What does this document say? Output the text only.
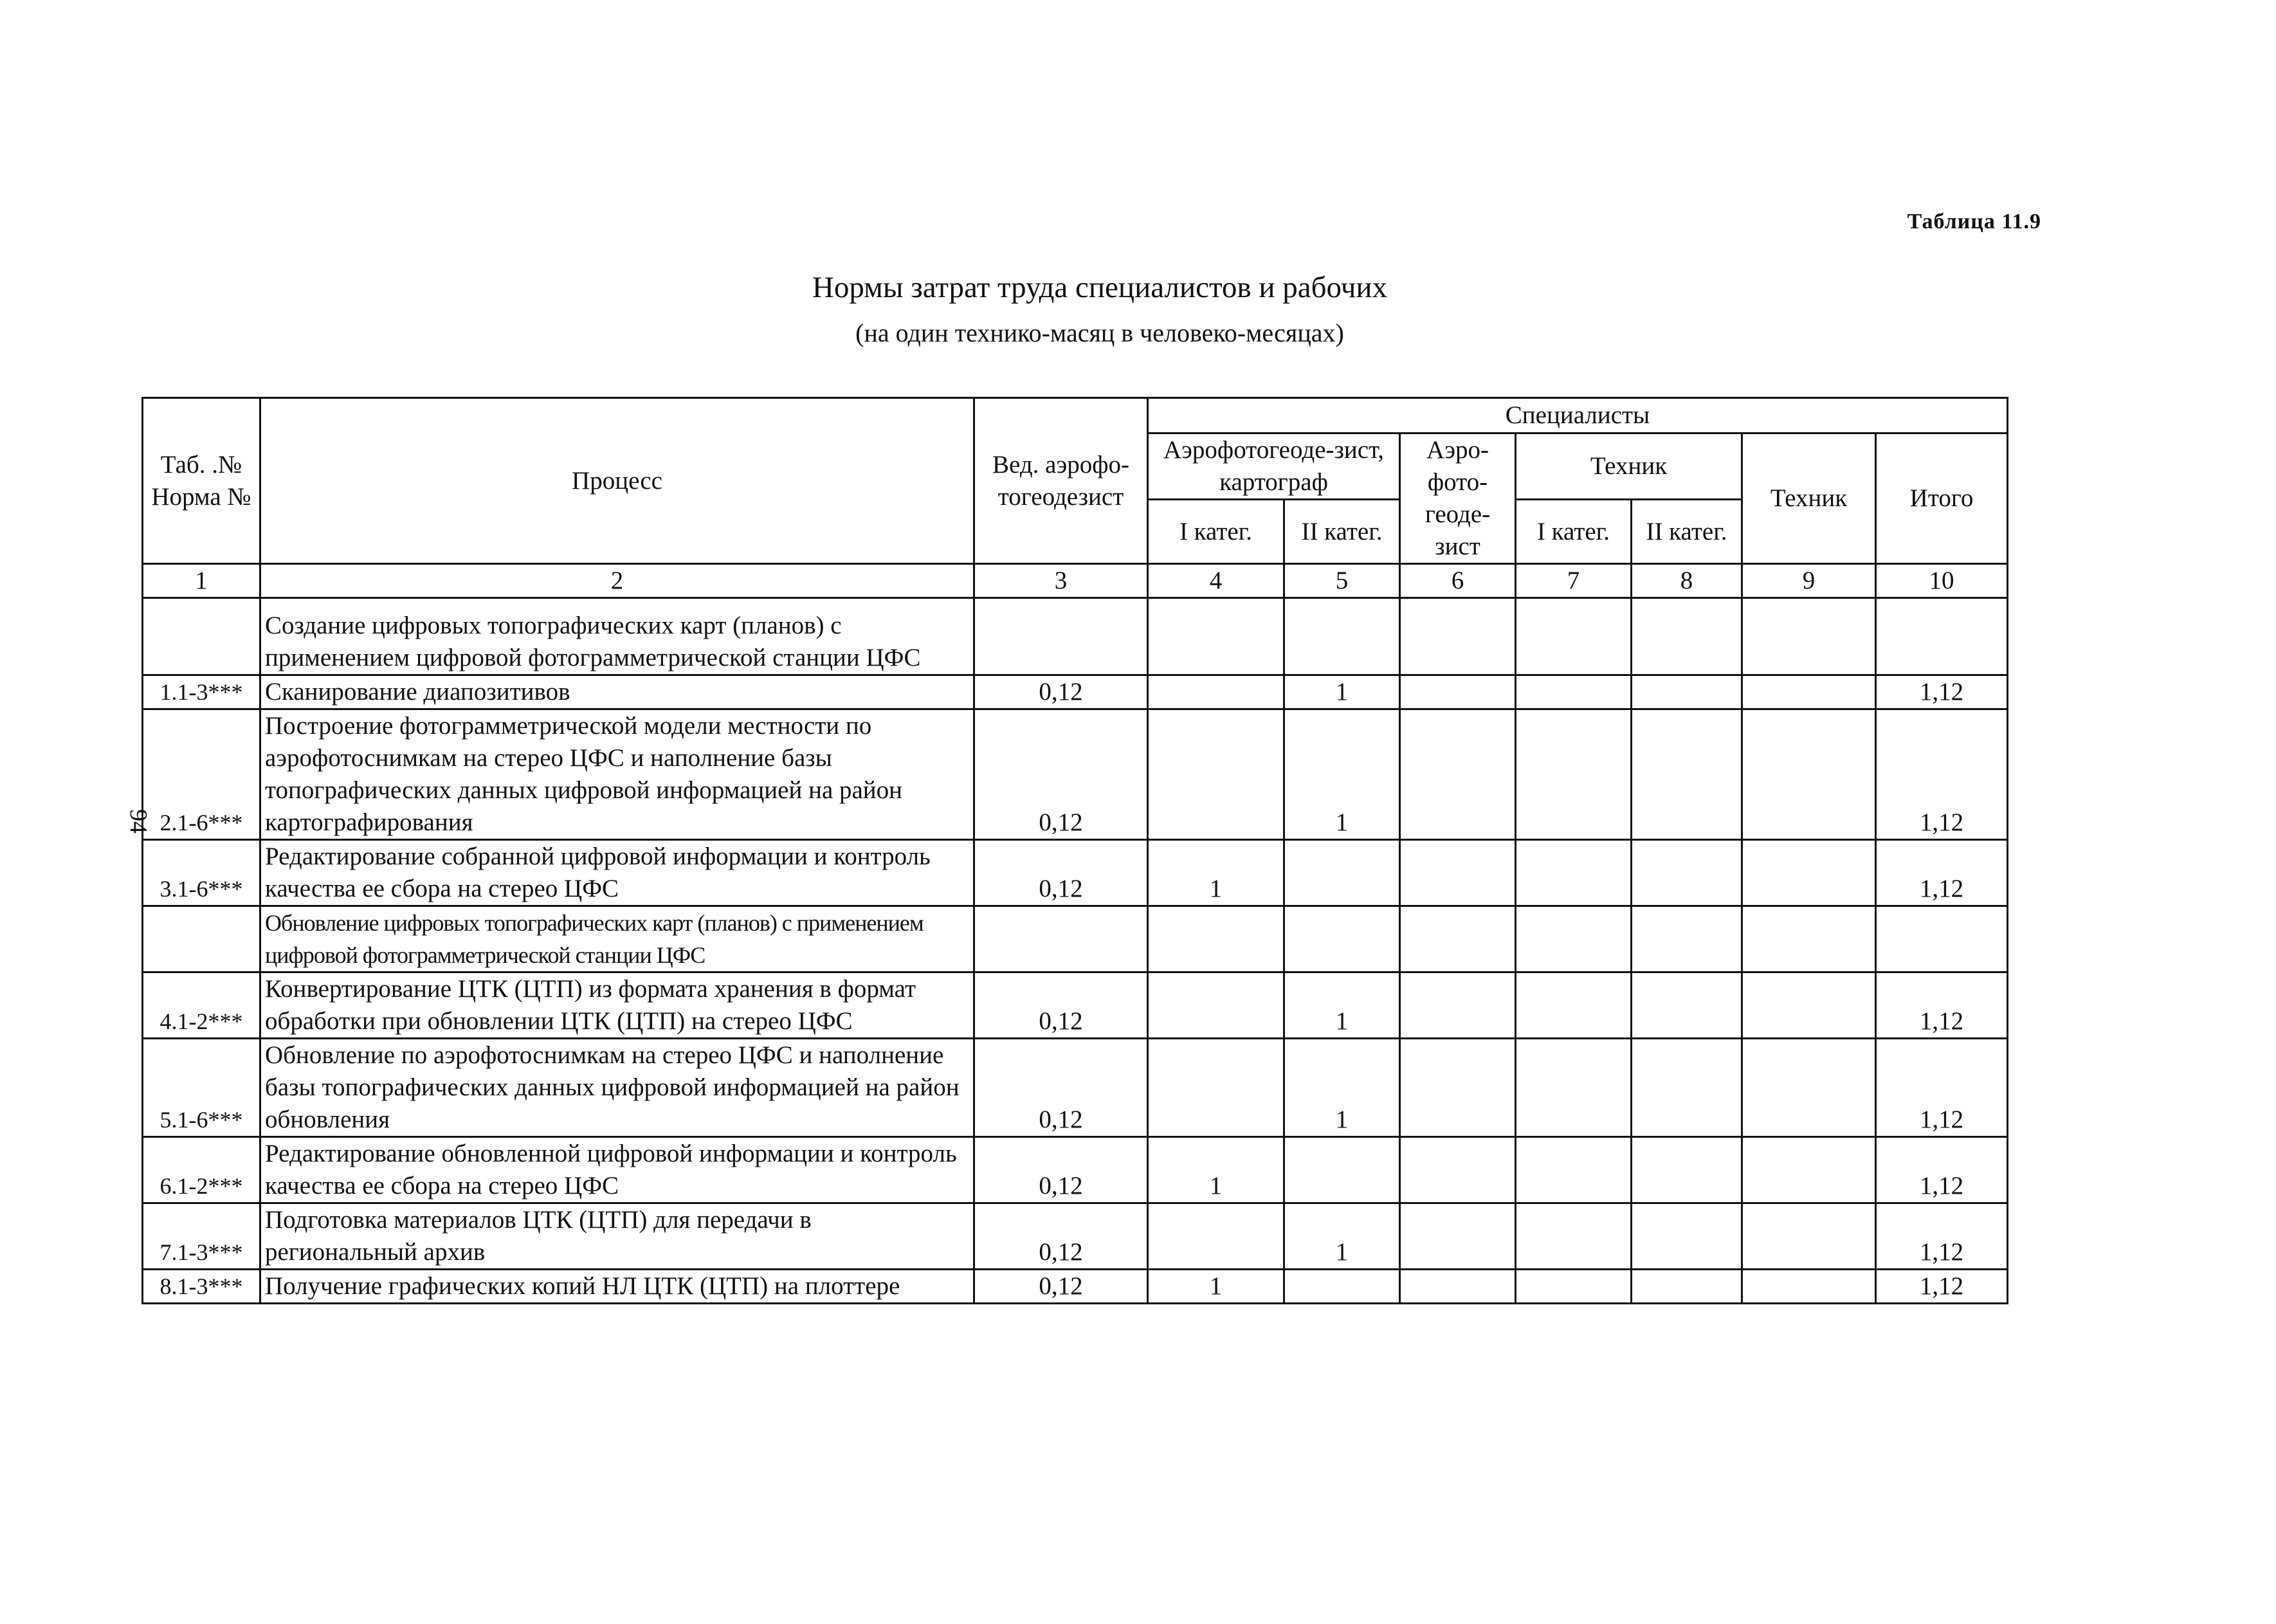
Таблица 11.9
Нормы затрат труда специалистов и рабочих
(на один технико-масяц в человеко-месяцах)
94
Таб. .№ Норма №	Процесс	Вед. аэрофо-тогеодезист	Специалисты						
			Аэрофотогеоде-зист, картограф		Аэро-фото-геоде-зист	Техник		Техник	Итого
			I катег.	II катег.		I катег.	II катег.		
1	2	3	4	5	6	7	8	9	10
	Создание цифровых топографических карт (планов) с применением цифровой фотограмметрической станции ЦФС								
1.1-3***	Сканирование диапозитивов	0,12		1					1,12
2.1-6***	Построение фотограмметрической модели местности по аэрофотоснимкам на стерео ЦФС и наполнение базы топографических данных цифровой информацией на район картографирования	0,12		1					1,12
3.1-6***	Редактирование собранной цифровой информации и контроль качества ее сбора на стерео ЦФС	0,12	1						1,12
	Обновление цифровых топографических карт (планов) с применением цифровой фотограмметрической станции ЦФС								
4.1-2***	Конвертирование ЦТК (ЦТП) из формата хранения в формат обработки при обновлении ЦТК (ЦТП) на стерео ЦФС	0,12		1					1,12
5.1-6***	Обновление по аэрофотоснимкам на стерео ЦФС и наполнение базы топографических данных цифровой информацией на район обновления	0,12		1					1,12
6.1-2***	Редактирование обновленной цифровой информации и контроль качества ее сбора на стерео ЦФС	0,12	1						1,12
7.1-3***	Подготовка материалов ЦТК (ЦТП) для передачи в региональный архив	0,12		1					1,12
8.1-3***	Получение графических копий НЛ ЦТК (ЦТП) на плоттере	0,12	1						1,12
